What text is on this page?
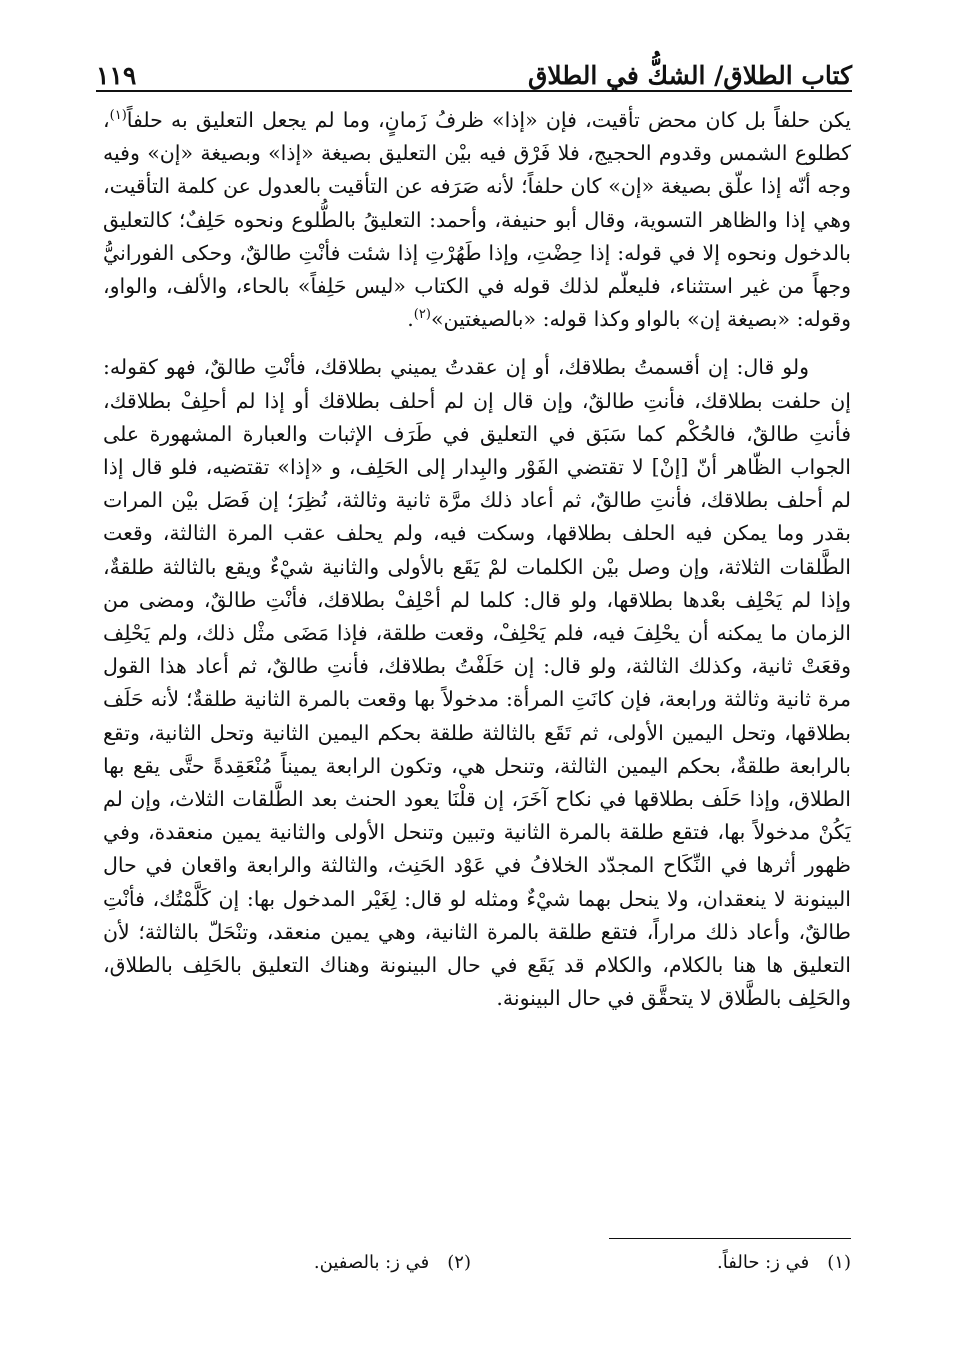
كتاب الطلاق/ الشكُّ في الطلاق
١١٩

يكن حلفاً بل كان محض تأقيت، فإن «إذا» ظرفُ زَمانٍ، وما لم يجعل التعليق به حلفاً$^{(١)}$، كطلوع الشمس وقدوم الحجيج، فلا فَرْق فيه بيْن التعليق بصيغة «إذا» وبصيغة «إن» وفيه وجه أنّه إذا علّق بصيغة «إن» كان حلفاً؛ لأنه صَرَفه عن التأقيت بالعدول عن كلمة التأقيت، وهي إذا والظاهر التسوية، وقال أبو حنيفة، وأحمد: التعليقُ بالطُّلوع ونحوه حَلِفٌ؛ كالتعليق بالدخول ونحوه إلا في قوله: إذا حِضْتِ، وإذا طَهُرْتِ إذا شئت فأنْتِ طالقٌ، وحكى الفورانيُّ وجهاً من غير استثناء، فليعلّم لذلك قوله في الكتاب «ليس حَلِفاً» بالحاء، والألف، والواو، وقوله: «بصيغة إن» بالواو وكذا قوله: «بالصيغتين»$^{(٢)}$.

ولو قال: إن أقسمتُ بطلاقك، أو إن عقدتُ يميني بطلاقك، فأنْتِ طالقٌ، فهو كقوله: إن حلفت بطلاقك، فأنتِ طالقٌ، وإن قال إن لم أحلف بطلاقك أو إذا لم أحلِفْ بطلاقك، فأنتِ طالقٌ، فالحُكْم كما سَبَق في التعليق في طَرَف الإثبات والعبارة المشهورة على الجواب الظّاهر أنّ [إنْ] لا تقتضي الفَوْر والبِدار إلى الحَلِف، و «إذا» تقتضيه، فلو قال إذا لم أحلف بطلاقك، فأنتِ طالقٌ، ثم أعاد ذلك مرَّة ثانية وثالثة، نُظِرَ؛ إن فَصَل بيْن المرات بقدر وما يمكن فيه الحلف بطلاقها، وسكت فيه، ولم يحلف عقب المرة الثالثة، وقعت الطَّلقات الثلاثة، وإن وصل بيْن الكلمات لمْ يَقَع بالأولى والثانية شيْءٌ ويقع بالثالثة طلقةٌ، وإذا لم يَحْلِف بعْدها بطلاقها، ولو قال: كلما لم أحْلِفْ بطلاقك، فأنْتِ طالقٌ، ومضى من الزمان ما يمكنه أن يحْلِفَ فيه، فلم يَحْلِفْ، وقعت طلقة، فإذا مَضَى مثْل ذلك، ولم يَحْلِف وقعَتْ ثانية، وكذلك الثالثة، ولو قال: إن حَلَفْتُ بطلاقك، فأنتِ طالقٌ، ثم أعاد هذا القول مرة ثانية وثالثة ورابعة، فإن كانَتِ المرأة: مدخولاً بها وقعت بالمرة الثانية طلقةٌ؛ لأنه حَلَف بطلاقها، وتحل اليمين الأولى، ثم تَقَع بالثالثة طلقة بحكم اليمين الثانية وتحل الثانية، وتقع بالرابعة طلقةٌ، بحكم اليمين الثالثة، وتنحل هي، وتكون الرابعة يميناً مُنْعَقِدةً حتَّى يقع بها الطلاق، وإذا حَلَف بطلاقها في نكاح آخَرَ، إن قلْنَا يعود الحنث بعد الطَّلقات الثلاث، وإن لم يَكُنْ مدخولاً بها، فتقع طلقة بالمرة الثانية وتبين وتنحل الأولى والثانية يمين منعقدة، وفي ظهور أثرها في النِّكَاح المجدّد الخلافُ في عَوْد الحَنِث، والثالثة والرابعة واقعان في حال البينونة لا ينعقدان، ولا ينحل بهما شيْءٌ ومثله لو قال: لِغَيْر المدخول بها: إن كَلَّمْتُك، فأنْتِ طالقٌ، وأعاد ذلك مراراً، فتقع طلقة بالمرة الثانية، وهي يمين منعقد، وتنْحَلّ بالثالثة؛ لأن التعليق ها هنا بالكلام، والكلام قد يَقَع في حال البينونة وهناك التعليق بالحَلِف بالطلاق، والحَلِف بالطَّلاق لا يتحقَّق في حال البينونة.

(١)في ز: حالفاً.
(٢)في ز: بالصفين.
